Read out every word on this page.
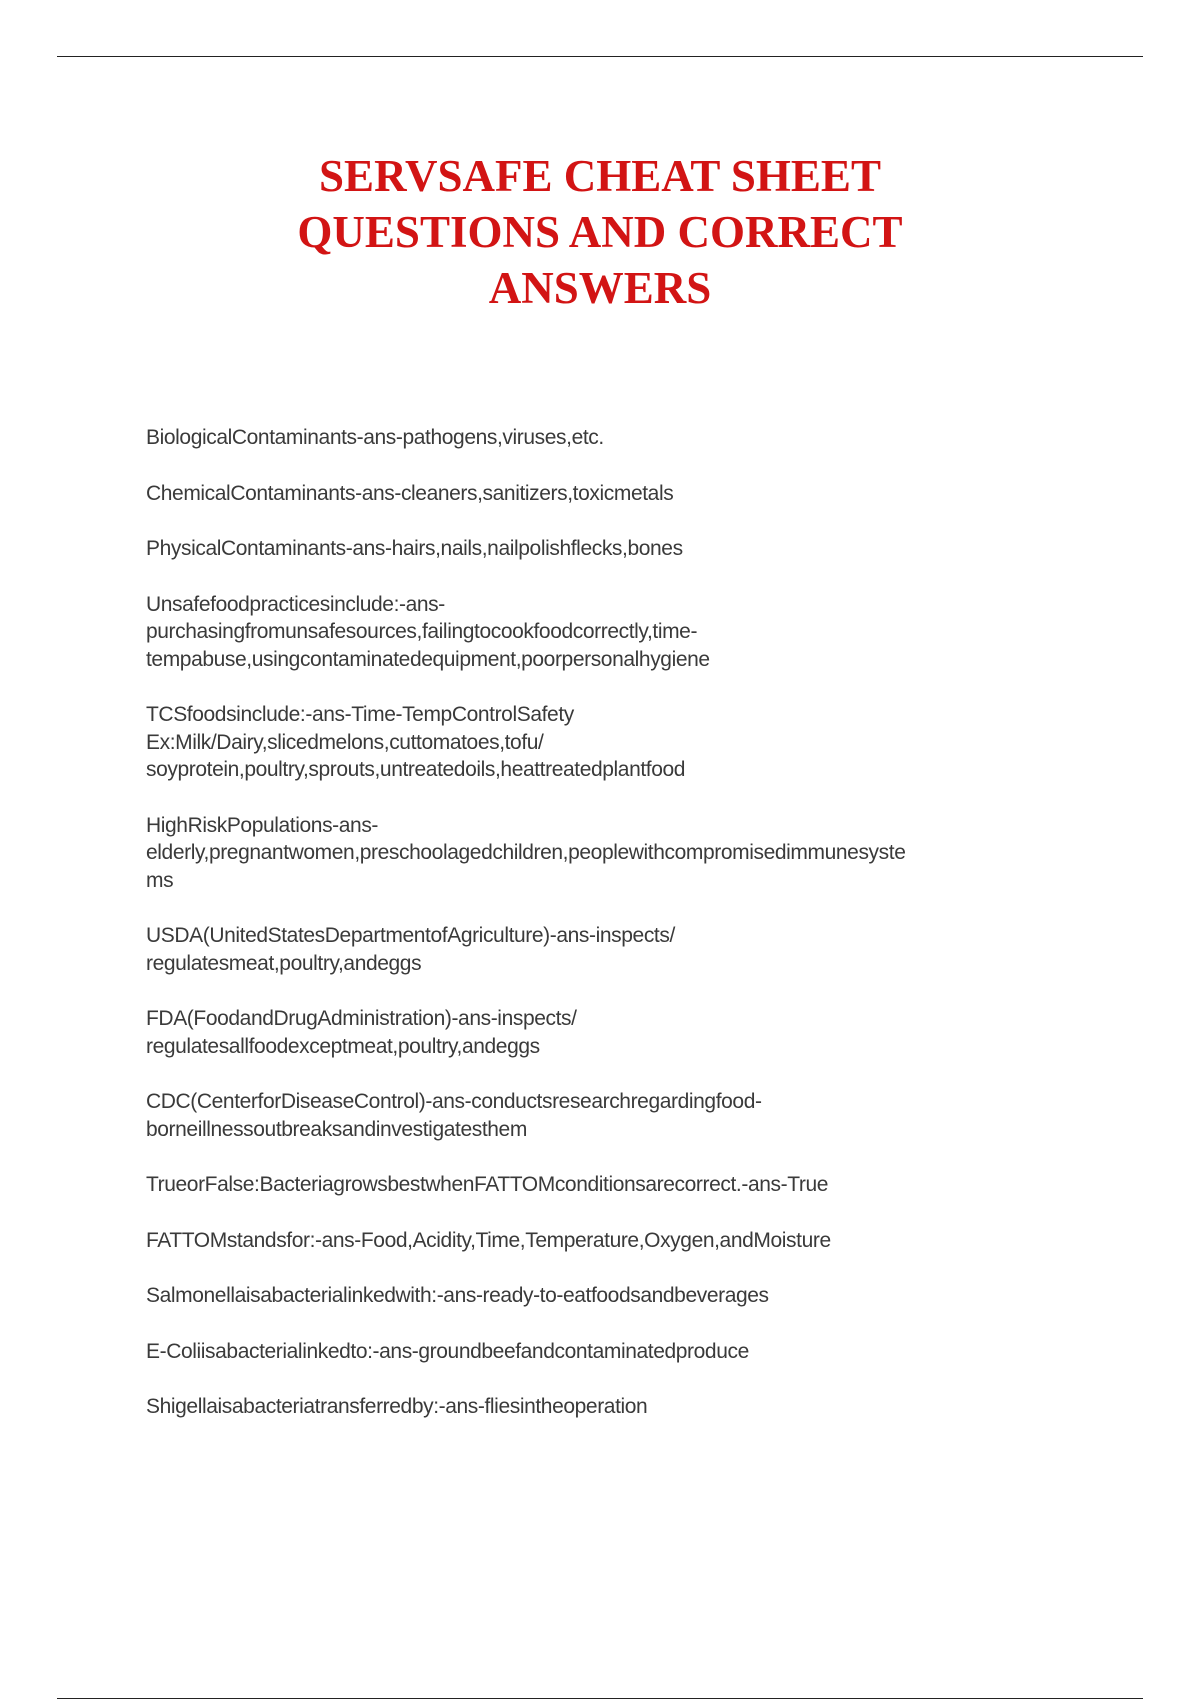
SERVSAFE CHEAT SHEET
QUESTIONS AND CORRECT
ANSWERS
BiologicalContaminants-ans-pathogens,viruses,etc.
ChemicalContaminants-ans-cleaners,sanitizers,toxicmetals
PhysicalContaminants-ans-hairs,nails,nailpolishflecks,bones
Unsafefoodpracticesinclude:-ans-
purchasingfromunsafesources,failingtocookfoodcorrectly,time-
tempabuse,usingcontaminatedequipment,poorpersonalhygiene
TCSfoodsinclude:-ans-Time-TempControlSafety
Ex:Milk/Dairy,slicedmelons,cuttomatoes,tofu/
soyprotein,poultry,sprouts,untreatedoils,heattreatedplantfood
HighRiskPopulations-ans-
elderly,pregnantwomen,preschoolagedchildren,peoplewithcompromisedimmunesyste
ms
USDA(UnitedStatesDepartmentofAgriculture)-ans-inspects/
regulatesmeat,poultry,andeggs
FDA(FoodandDrugAdministration)-ans-inspects/
regulatesallfoodexceptmeat,poultry,andeggs
CDC(CenterforDiseaseControl)-ans-conductsresearchregardingfood-
borneillnessoutbreaksandinvestigatesthem
TrueorFalse:BacteriagrowsbestwhenFATTOMconditionsarecorrect.-ans-True
FATTOMstandsfor:-ans-Food,Acidity,Time,Temperature,Oxygen,andMoisture
Salmonellaisabacterialinkedwith:-ans-ready-to-eatfoodsandbeverages
E-Coliisabacterialinkedto:-ans-groundbeefandcontaminatedproduce
Shigellaisabacteriatransferredby:-ans-fliesintheoperation
